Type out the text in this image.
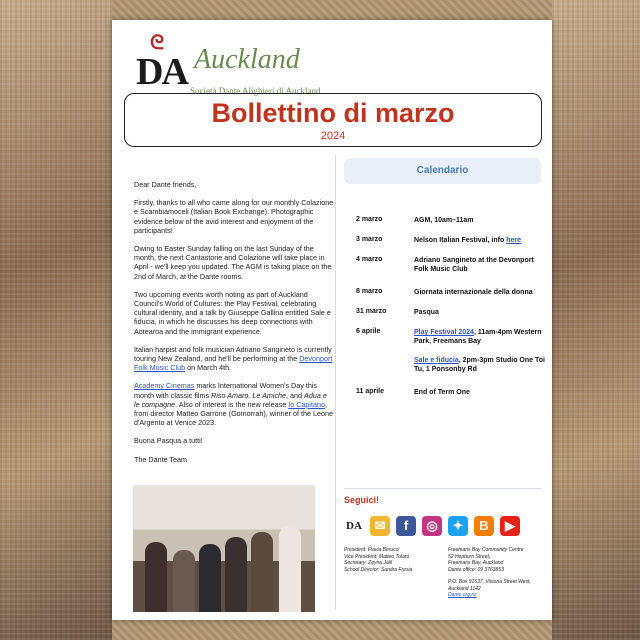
ᘓ
DA Auckland
Società Dante Alighieri di Auckland
Bollettino di marzo
2024

Dear Dante friends,

Firstly, thanks to all who came along for our monthly Colazione e Scambiamoceli (Italian Book Exchange). Photographic evidence below of the avid interest and enjoyment of the participants!

Owing to Easter Sunday falling on the last Sunday of the month, the next Cantastorie and Colazione will take place in April - we'll keep you updated. The AGM is taking place on the 2nd of March, at the Dante rooms.

Two upcoming events worth noting as part of Auckland Council's World of Cultures: the Play Festival, celebrating cultural identity, and a talk by Giuseppe Gallina entitled Sale e fiducia, in which he discusses his deep connections with Aotearoa and the immigrant experience.

Italian harpist and folk musician Adriano Sangineto is currently touring New Zealand, and he'll be performing at the Devonport Folk Music Club on March 4th.

Academy Cinemas marks International Women's Day this month with classic films Riso Amaro, Le Amiche, and Adua e le compagne. Also of interest is the new release Io Capitano, from director Matteo Garrone (Gomorrah), winner of the Leone d'Argento at Venice 2023.

Buona Pasqua a tutti!

The Dante Team

Calendario
2 marzo	AGM, 10am–11am
3 marzo	Nelson Italian Festival, info here
4 marzo	Adriano Sangineto at the Devonport Folk Music Club
8 marzo	Giornata internazionale della donna
31 marzo	Pasqua
6 aprile	Play Festival 2024, 11am-4pm Western Park, Freemans Bay
Sale e fiducia, 2pm-3pm Studio One Toi Tu, 1 Ponsonby Rd
11 aprile	End of Term One
Seguici!
DA ✉	f	◎	✦	B	▶
President: Flavia Berucci
Vice President: Matteo Tolaro
Secretary: Zeyna Jalil
School Director: Sandra Fresia
Freemans Bay Community Centre
52 Hepburn Street,
Freemans Bay, Auckland
Dante office: 09 3763853
P.O. Box 91637, Victoria Street West,
Auckland 1142
Dante.org.nz
